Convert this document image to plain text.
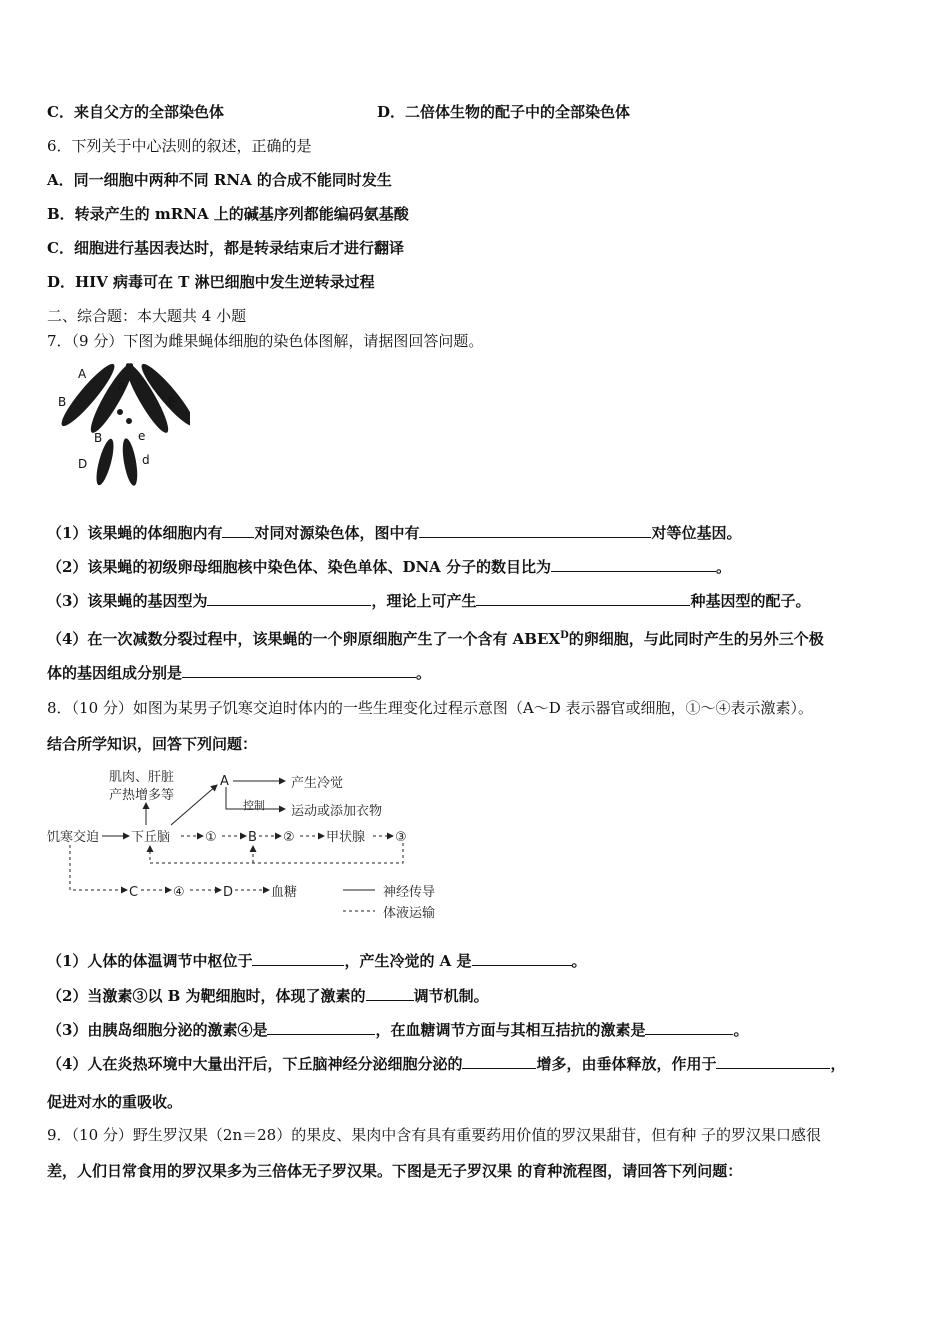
C．来自父方的全部染色体	D．二倍体生物的配子中的全部染色体
6．下列关于中心法则的叙述，正确的是
A．同一细胞中两种不同 RNA 的合成不能同时发生
B．转录产生的 mRNA 上的碱基序列都能编码氨基酸
C．细胞进行基因表达时，都是转录结束后才进行翻译
D．HIV 病毒可在 T 淋巴细胞中发生逆转录过程
二、综合题：本大题共 4 小题
7．（9 分）下图为雌果蝇体细胞的染色体图解，请据图回答问题。
A
a
B	E
B	e
D	d
（1）该果蝇的体细胞内有 对同对源染色体，图中有	对等位基因。
（2）该果蝇的初级卵母细胞核中染色体、染色单体、DNA 分子的数目比为	。
（3）该果蝇的基因型为	，理论上可产生	种基因型的配子。
（4）在一次减数分裂过程中，该果蝇的一个卵原细胞产生了一个含有 $ABEX^D$的卵细胞，与此同时产生的另外三个极
体的基因组成分别是	。
8．（10 分）如图为某男子饥寒交迫时体内的一些生理变化过程示意图（A～D 表示器官或细胞，①～④表示激素）。
结合所学知识，回答下列问题：
肌肉、肝脏
产热增多等
A	产生冷觉
控制 运动或添加衣物
饥寒交迫 下丘脑	① B ② 甲状腺 ③
C	④	D	血糖	神经传导
体液运输
（1）人体的体温调节中枢位于	，产生冷觉的 A 是	。
（2）当激素③以 B 为靶细胞时，体现了激素的	调节机制。
（3）由胰岛细胞分泌的激素④是	，在血糖调节方面与其相互拮抗的激素是	。
（4）人在炎热环境中大量出汗后，下丘脑神经分泌细胞分泌的	增多，由垂体释放，作用于	，
促进对水的重吸收。
9．（10 分）野生罗汉果（2n＝28）的果皮、果肉中含有具有重要药用价值的罗汉果甜苷，但有种 子的罗汉果口感很
差，人们日常食用的罗汉果多为三倍体无子罗汉果。下图是无子罗汉果 的育种流程图，请回答下列问题：
